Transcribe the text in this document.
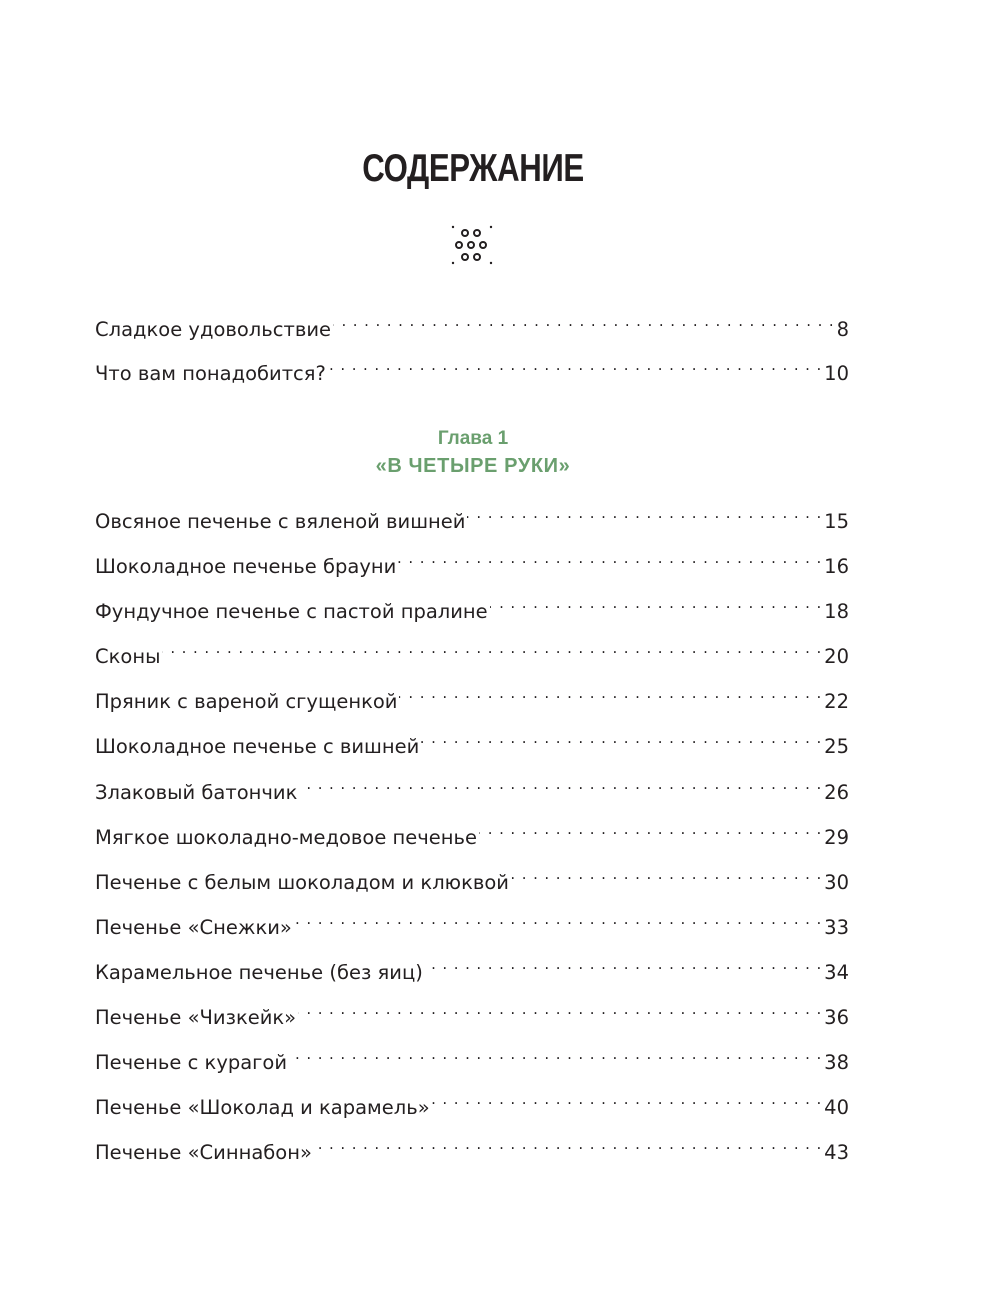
СОДЕРЖАНИЕ
Сладкое удовольствие . . .	8
Что вам понадобится? . . .	10
Глава 1
«В ЧЕТЫРЕ РУКИ»
Овсяное печенье с вяленой вишней . . .	15
Шоколадное печенье брауни . . .	16
Фундучное печенье с пастой пралине . . .	18
Сконы . . .	20
Пряник с вареной сгущенкой . . .	22
Шоколадное печенье с вишней . . .	25
Злаковый батончик . . .	26
Мягкое шоколадно-медовое печенье . . .	29
Печенье с белым шоколадом и клюквой . . .	30
Печенье «Снежки» . . .	33
Карамельное печенье (без яиц) . . .	34
Печенье «Чизкейк» . . .	36
Печенье с курагой . . .	38
Печенье «Шоколад и карамель» . . .	40
Печенье «Синнабон» . . .	43
